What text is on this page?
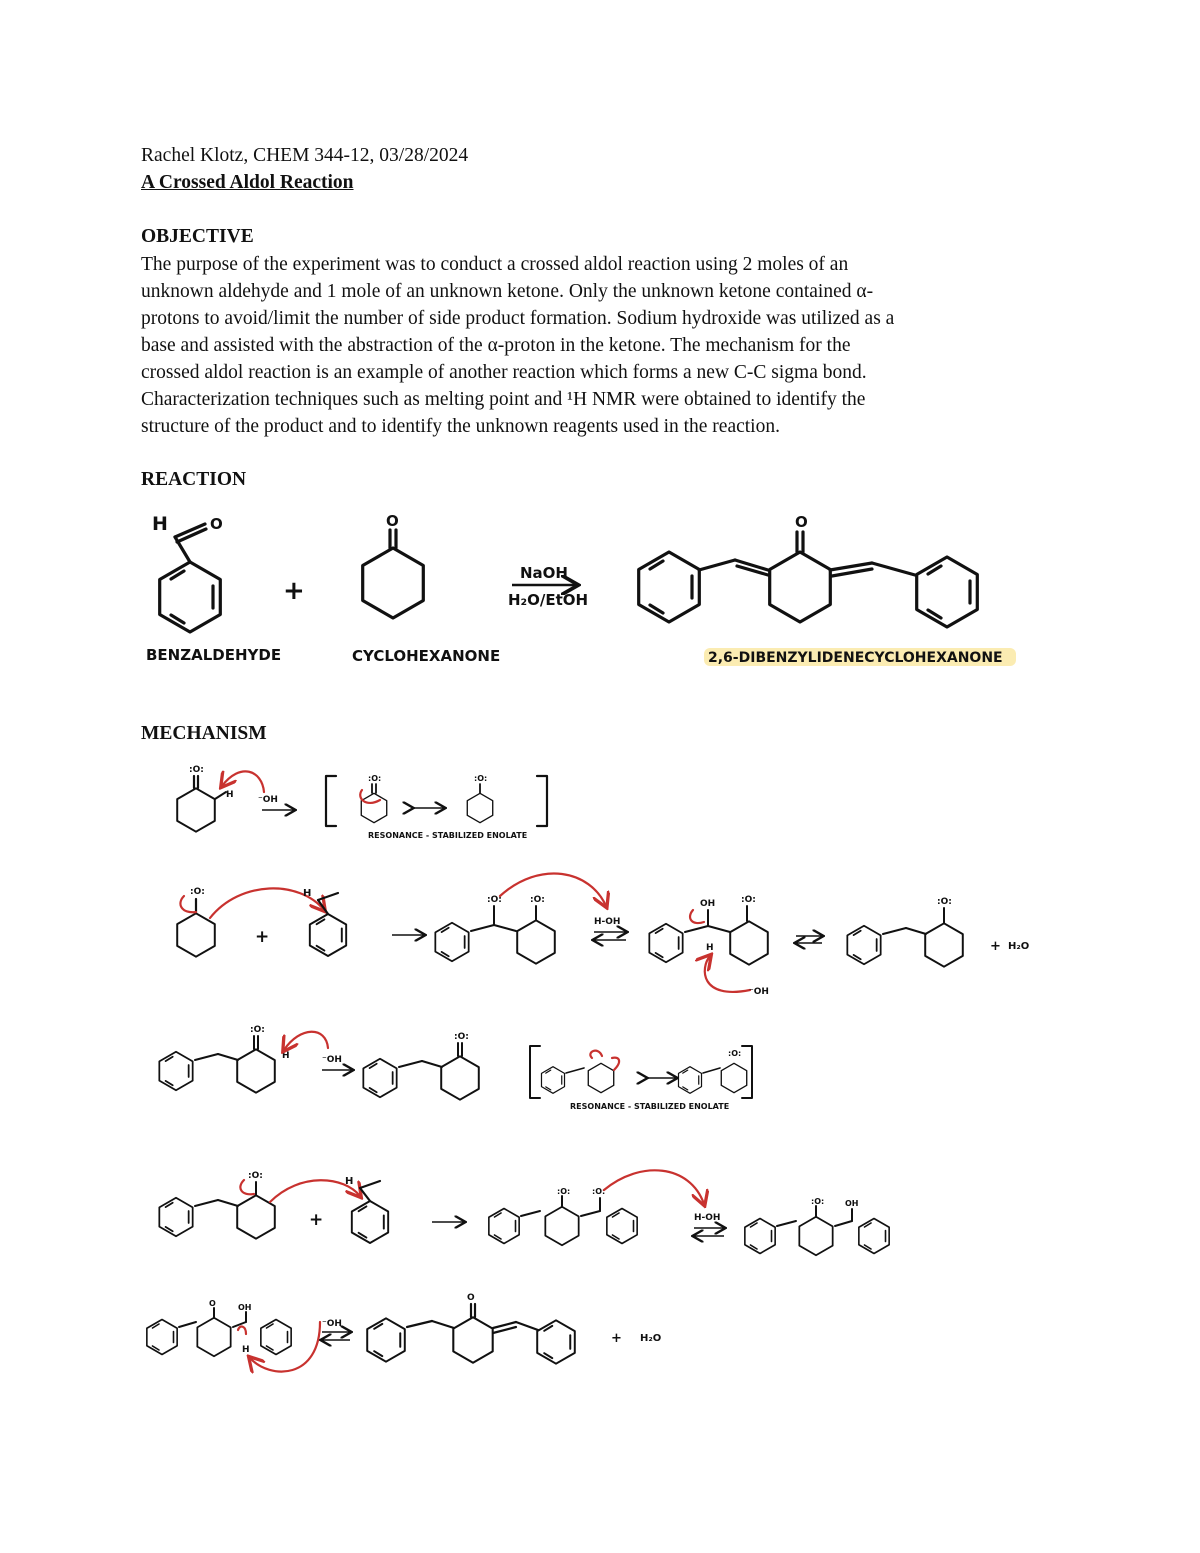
Rachel Klotz, CHEM 344-12, 03/28/2024
A Crossed Aldol Reaction
OBJECTIVE

The purpose of the experiment was to conduct a crossed aldol reaction using 2 moles of an

unknown aldehyde and 1 mole of an unknown ketone. Only the unknown ketone contained α-

protons to avoid/limit the number of side product formation. Sodium hydroxide was utilized as a

base and assisted with the abstraction of the α-proton in the ketone. The mechanism for the

crossed aldol reaction is an example of another reaction which forms a new C-C sigma bond.

Characterization techniques such as melting point and ¹H NMR were obtained to identify the

structure of the product and to identify the unknown reagents used in the reaction.

REACTION
MECHANISM
H	O
+
O
NaOH
H₂O/EtOH
O
BENZALDEHYDE	CYCLOHEXANONE	2,6-DIBENZYLIDENECYCLOHEXANONE
:O:
H	⁻OH
:O:	:O:
RESONANCE - STABILIZED ENOLATE
:O:
+
H
:O:	:O:
H-OH
OH
H
:O:
⁻OH
:O:
+ H₂O
:O:
H	⁻OH
:O:
:O:
RESONANCE - STABILIZED ENOLATE
:O:
+
H
:O:	:O:
H-OH
:O:	OH
O	OH
H
⁻OH
O
+ H₂O
